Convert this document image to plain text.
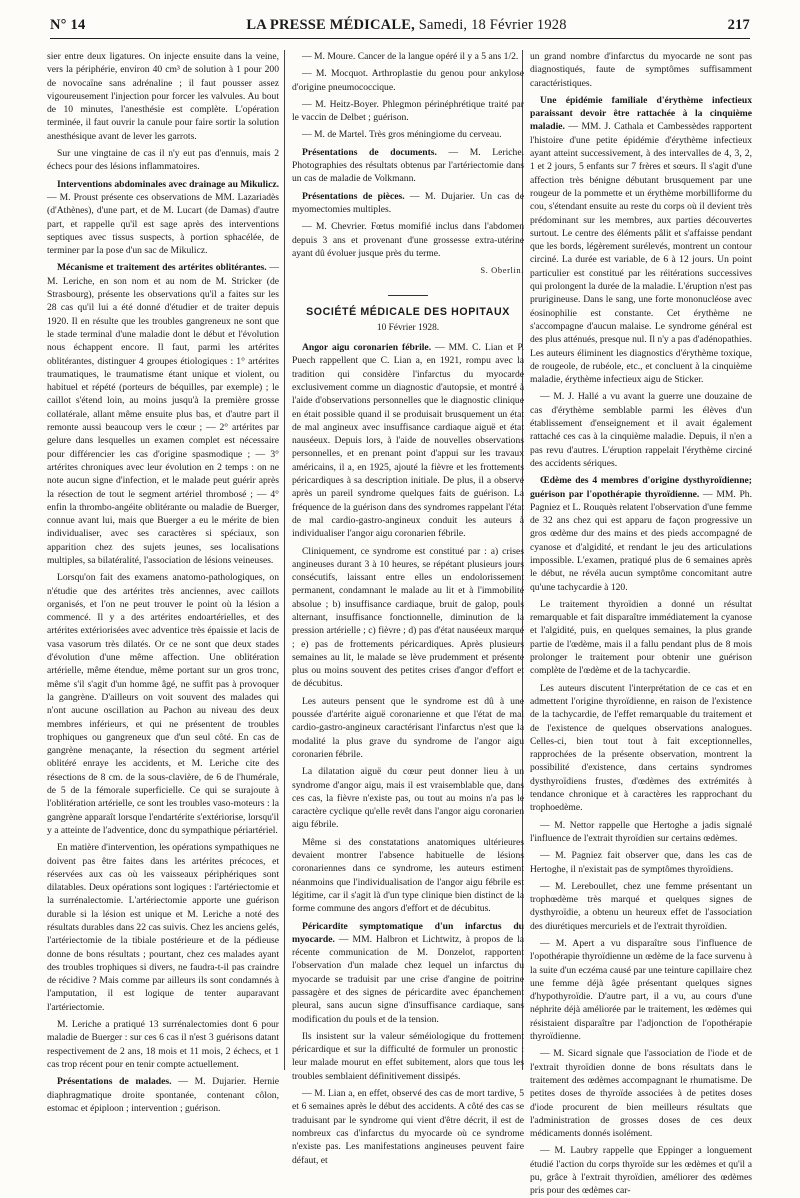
N° 14	LA PRESSE MÉDICALE, Samedi, 18 Février 1928	217

sier entre deux ligatures. On injecte ensuite dans la veine, vers la périphérie, environ 40 cm³ de solution à 1 pour 200 de novocaïne sans adrénaline ; il faut pousser assez vigoureusement l'injection pour forcer les valvules. Au bout de 10 minutes, l'anesthésie est complète. L'opération terminée, il faut ouvrir la canule pour faire sortir la solution anesthésique avant de lever les garrots.

Sur une vingtaine de cas il n'y eut pas d'ennuis, mais 2 échecs pour des lésions inflammatoires.

Interventions abdominales avec drainage au Mikulicz. — M. Proust présente ces observations de MM. Lazariadès (d'Athènes), d'une part, et de M. Lucart (de Damas) d'autre part, et rappelle qu'il est sage après des interventions septiques avec tissus suspects, à portion sphacélée, de terminer par la pose d'un sac de Mikulicz.

Mécanisme et traitement des artérites oblitérantes. — M. Leriche, en son nom et au nom de M. Stricker (de Strasbourg), présente les observations qu'il a faites sur les 28 cas qu'il lui a été donné d'étudier et de traiter depuis 1920. Il en résulte que les troubles gangreneux ne sont que le stade terminal d'une maladie dont le début et l'évolution nous échappent encore. Il faut, parmi les artérites oblitérantes, distinguer 4 groupes étiologiques : 1° artérites traumatiques, le traumatisme étant unique et violent, ou habituel et répété (porteurs de béquilles, par exemple) ; le caillot s'étend loin, au moins jusqu'à la première grosse collatérale, allant même ensuite plus bas, et d'autre part il remonte aussi beaucoup vers le cœur ; — 2° artérites par gelure dans lesquelles un examen complet est nécessaire pour différencier les cas d'origine spasmodique ; — 3° artérites chroniques avec leur évolution en 2 temps : on ne note aucun signe d'infection, et le malade peut guérir après la résection de tout le segment artériel thrombosé ; — 4° enfin la thrombo-angéite oblitérante ou maladie de Buerger, connue avant lui, mais que Buerger a eu le mérite de bien individualiser, avec ses caractères si spéciaux, son apparition chez des sujets jeunes, ses localisations multiples, sa bilatéralité, l'association de lésions veineuses.

Lorsqu'on fait des examens anatomo-pathologiques, on n'étudie que des artérites très anciennes, avec caillots organisés, et l'on ne peut trouver le point où la lésion a commencé. Il y a des artérites endoartérielles, et des artérites extériorisées avec adventice très épaissie et lacis de vasa vasorum très dilatés. Or ce ne sont que deux stades d'évolution d'une même affection. Une oblitération artérielle, même étendue, même portant sur un gros tronc, même s'il s'agit d'un homme âgé, ne suffit pas à provoquer la gangrène. D'ailleurs on voit souvent des malades qui n'ont aucune oscillation au Pachon au niveau des deux membres inférieurs, et qui ne présentent de troubles trophiques ou gangreneux que d'un seul côté. En cas de gangrène menaçante, la résection du segment artériel oblitéré enraye les accidents, et M. Leriche cite des résections de 8 cm. de la sous-clavière, de 6 de l'humérale, de 5 de la fémorale superficielle. Ce qui se surajoute à l'oblitération artérielle, ce sont les troubles vaso-moteurs : la gangrène apparaît lorsque l'endartérite s'extériorise, lorsqu'il y a atteinte de l'adventice, donc du sympathique périartériel.

En matière d'intervention, les opérations sympathiques ne doivent pas être faites dans les artérites précoces, et réservées aux cas où les vaisseaux périphériques sont dilatables. Deux opérations sont logiques : l'artériectomie et la surrénalectomie. L'artériectomie apporte une guérison durable si la lésion est unique et M. Leriche a noté des résultats durables dans 22 cas suivis. Chez les anciens gelés, l'artériectomie de la tibiale postérieure et de la pédieuse donne de bons résultats ; pourtant, chez ces malades ayant des troubles trophiques si divers, ne faudra-t-il pas craindre de récidive ? Mais comme par ailleurs ils sont condamnés à l'amputation, il est logique de tenter auparavant l'artériectomie.

M. Leriche a pratiqué 13 surrénalectomies dont 6 pour maladie de Buerger : sur ces 6 cas il n'est 3 guérisons datant respectivement de 2 ans, 18 mois et 11 mois, 2 échecs, et 1 cas trop récent pour en tenir compte actuellement.

Présentations de malades. — M. Dujarier. Hernie diaphragmatique droite spontanée, contenant côlon, estomac et épiploon ; intervention ; guérison.

— M. Moure. Cancer de la langue opéré il y a 5 ans 1/2.

— M. Mocquot. Arthroplastie du genou pour ankylose d'origine pneumococcique.

— M. Heitz-Boyer. Phlegmon périnéphrétique traité par le vaccin de Delbet ; guérison.

— M. de Martel. Très gros méningiome du cerveau.

Présentations de documents. — M. Leriche. Photographies des résultats obtenus par l'artériectomie dans un cas de maladie de Volkmann.

Présentations de pièces. — M. Dujarier. Un cas de myomectomies multiples.

— M. Chevrier. Fœtus momifié inclus dans l'abdomen depuis 3 ans et provenant d'une grossesse extra-utérine ayant dû évoluer jusque près du terme.

S. Oberlin.
SOCIÉTÉ MÉDICALE DES HOPITAUX
10 Février 1928.

Angor aigu coronarien fébrile. — MM. C. Lian et P. Puech rappellent que C. Lian a, en 1921, rompu avec la tradition qui considère l'infarctus du myocarde exclusivement comme un diagnostic d'autopsie, et montré à l'aide d'observations personnelles que le diagnostic clinique en était possible quand il se produisait brusquement un état de mal angineux avec insuffisance cardiaque aiguë et état nauséeux. Depuis lors, à l'aide de nouvelles observations personnelles, et en prenant point d'appui sur les travaux américains, il a, en 1925, ajouté la fièvre et les frottements péricardiques à sa description initiale. De plus, il a observé après un pareil syndrome quelques faits de guérison. La fréquence de la guérison dans des syndromes rappelant l'état de mal cardio-gastro-angineux conduit les auteurs à individualiser l'angor aigu coronarien fébrile.

Cliniquement, ce syndrome est constitué par : a) crises angineuses durant 3 à 10 heures, se répétant plusieurs jours consécutifs, laissant entre elles un endolorissement permanent, condamnant le malade au lit et à l'immobilité absolue ; b) insuffisance cardiaque, bruit de galop, pouls alternant, insuffisance fonctionnelle, diminution de la pression artérielle ; c) fièvre ; d) pas d'état nauséeux marqué ; e) pas de frottements péricardiques. Après plusieurs semaines au lit, le malade se lève prudemment et présente plus ou moins souvent des petites crises d'angor d'effort et de décubitus.

Les auteurs pensent que le syndrome est dû à une poussée d'artérite aiguë coronarienne et que l'état de mal cardio-gastro-angineux caractérisant l'infarctus n'est que la modalité la plus grave du syndrome de l'angor aigu coronarien fébrile.

La dilatation aiguë du cœur peut donner lieu à un syndrome d'angor aigu, mais il est vraisemblable que, dans ces cas, la fièvre n'existe pas, ou tout au moins n'a pas le caractère cyclique qu'elle revêt dans l'angor aigu coronarien aigu fébrile.

Même si des constatations anatomiques ultérieures devaient montrer l'absence habituelle de lésions coronariennes dans ce syndrome, les auteurs estiment néanmoins que l'individualisation de l'angor aigu fébrile est légitime, car il s'agit là d'un type clinique bien distinct de la forme commune des angors d'effort et de décubitus.

Péricardite symptomatique d'un infarctus du myocarde. — MM. Halbron et Lichtwitz, à propos de la récente communication de M. Donzelot, rapportent l'observation d'un malade chez lequel un infarctus du myocarde se traduisit par une crise d'angine de poitrine passagère et des signes de péricardite avec épanchement pleural, sans aucun signe d'insuffisance cardiaque, sans modification du pouls et de la tension.

Ils insistent sur la valeur séméiologique du frottement péricardique et sur la difficulté de formuler un pronostic : leur malade mourut en effet subitement, alors que tous les troubles semblaient définitivement dissipés.

— M. Lian a, en effet, observé des cas de mort tardive, 5 et 6 semaines après le début des accidents. A côté des cas se traduisant par le syndrome qui vient d'être décrit, il est de nombreux cas d'infarctus du myocarde où ce syndrome n'existe pas. Les manifestations angineuses peuvent faire défaut, et

un grand nombre d'infarctus du myocarde ne sont pas diagnostiqués, faute de symptômes suffisamment caractéristiques.

Une épidémie familiale d'érythème infectieux paraissant devoir être rattachée à la cinquième maladie. — MM. J. Cathala et Cambessèdes rapportent l'histoire d'une petite épidémie d'érythème infectieux ayant atteint successivement, à des intervalles de 4, 3, 2, 1 et 2 jours, 5 enfants sur 7 frères et sœurs. Il s'agit d'une affection très bénigne débutant brusquement par une rougeur de la pommette et un érythème morbilliforme du cou, s'étendant ensuite au reste du corps où il devient très prédominant sur les membres, aux parties découvertes surtout. Le centre des éléments pâlit et s'affaisse pendant que les bords, légèrement surélevés, montrent un contour circiné. La durée est variable, de 6 à 12 jours. Un point particulier est constitué par les réitérations successives qui prolongent la durée de la maladie. L'éruption n'est pas prurigineuse. Dans le sang, une forte mononucléose avec éosinophilie est constante. Cet érythème ne s'accompagne d'aucun malaise. Le syndrome général est des plus atténués, presque nul. Il n'y a pas d'adénopathies. Les auteurs éliminent les diagnostics d'érythème toxique, de rougeole, de rubéole, etc., et concluent à la cinquième maladie, érythème infectieux aigu de Sticker.

— M. J. Hallé a vu avant la guerre une douzaine de cas d'érythème semblable parmi les élèves d'un établissement d'enseignement et il avait également rattaché ces cas à la cinquième maladie. Depuis, il n'en a pas revu d'autres. L'éruption rappelait l'érythème circiné des accidents sériques.

Œdème des 4 membres d'origine dysthyroïdienne; guérison par l'opothérapie thyroïdienne. — MM. Ph. Pagniez et L. Rouquès relatent l'observation d'une femme de 32 ans chez qui est apparu de façon progressive un gros œdème dur des mains et des pieds accompagné de cyanose et d'algidité, et rendant le jeu des articulations impossible. L'examen, pratiqué plus de 6 semaines après le début, ne révéla aucun symptôme concomitant autre qu'une tachycardie à 120.

Le traitement thyroïdien a donné un résultat remarquable et fait disparaître immédiatement la cyanose et l'algidité, puis, en quelques semaines, la plus grande partie de l'œdème, mais il a fallu pendant plus de 8 mois prolonger le traitement pour obtenir une guérison complète de l'œdème et de la tachycardie.

Les auteurs discutent l'interprétation de ce cas et en admettent l'origine thyroïdienne, en raison de l'existence de la tachycardie, de l'effet remarquable du traitement et de l'existence de quelques observations analogues. Celles-ci, bien tout tout à fait exceptionnelles, rapprochées de la présente observation, montrent la possibilité d'existence, dans certains syndromes dysthyroïdiens frustes, d'œdèmes des extrémités à tendance chronique et à caractères les rapprochant du trophoedème.

— M. Nettor rappelle que Hertoghe a jadis signalé l'influence de l'extrait thyroïdien sur certains œdèmes.

— M. Pagniez fait observer que, dans les cas de Hertoghe, il n'existait pas de symptômes thyroïdiens.

— M. Lereboullet, chez une femme présentant un trophœdème très marqué et quelques signes de dysthyroïdie, a obtenu un heureux effet de l'association des diurétiques mercuriels et de l'extrait thyroïdien.

— M. Apert a vu disparaître sous l'influence de l'opothérapie thyroïdienne un œdème de la face survenu à la suite d'un eczéma causé par une teinture capillaire chez une femme déjà âgée présentant quelques signes d'hypothyroïdie. D'autre part, il a vu, au cours d'une néphrite déjà améliorée par le traitement, les œdèmes qui résistaient disparaître par l'adjonction de l'opothérapie thyroïdienne.

— M. Sicard signale que l'association de l'iode et de l'extrait thyroïdien donne de bons résultats dans le traitement des œdèmes accompagnant le rhumatisme. De petites doses de thyroïde associées à de petites doses d'iode procurent de bien meilleurs résultats que l'administration de grosses doses de ces deux médicaments donnés isolément.

— M. Laubry rappelle que Eppinger a longuement étudié l'action du corps thyroïde sur les œdèmes et qu'il a pu, grâce à l'extrait thyroïdien, améliorer des œdèmes pris pour des œdèmes car-
